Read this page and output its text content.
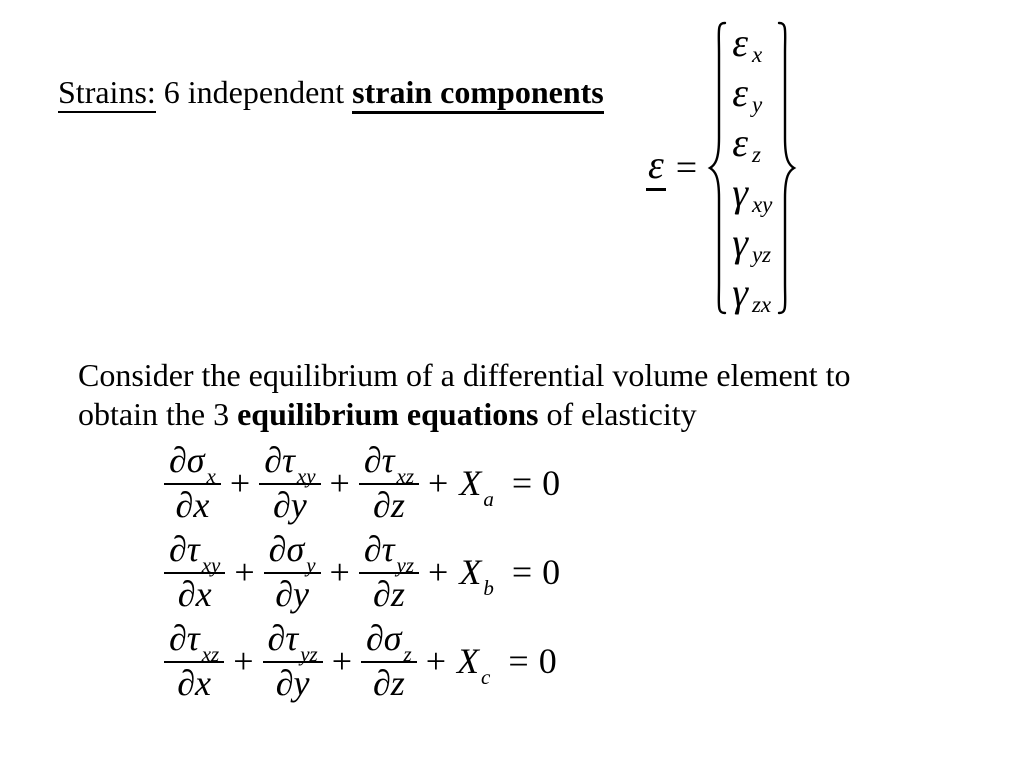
Strains: 6 independent strain components
ε =
ε x
ε y
ε z
γ xy
γ yz
γ zx
Consider the equilibrium of a differential volume element to
obtain the 3 equilibrium equations of elasticity
$\frac{\partial\sigma_x}{\partial x} + \frac{\partial\tau_{xy}}{\partial y} + \frac{\partial\tau_{xz}}{\partial z} + X_a = 0$
$\frac{\partial\tau_{xy}}{\partial x} + \frac{\partial\sigma_y}{\partial y} + \frac{\partial\tau_{yz}}{\partial z} + X_b = 0$
$\frac{\partial\tau_{xz}}{\partial x} + \frac{\partial\tau_{yz}}{\partial y} + \frac{\partial\sigma_z}{\partial z} + X_c = 0$
